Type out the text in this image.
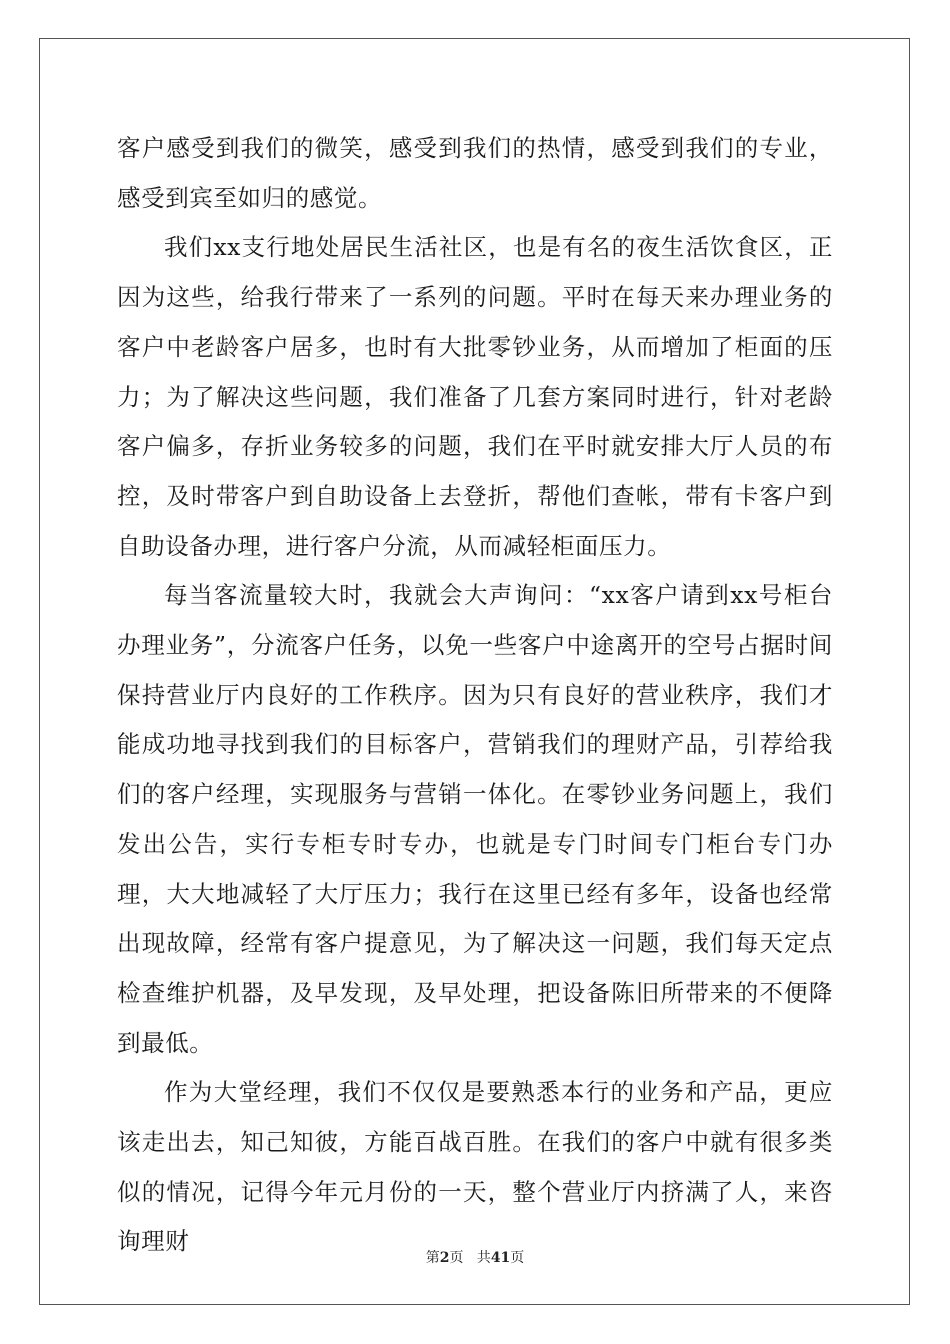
客户感受到我们的微笑，感受到我们的热情，感受到我们的专业，感受到宾至如归的感觉。

我们xx支行地处居民生活社区，也是有名的夜生活饮食区，正因为这些，给我行带来了一系列的问题。平时在每天来办理业务的客户中老龄客户居多，也时有大批零钞业务，从而增加了柜面的压力；为了解决这些问题，我们准备了几套方案同时进行，针对老龄客户偏多，存折业务较多的问题，我们在平时就安排大厅人员的布控，及时带客户到自助设备上去登折，帮他们查帐，带有卡客户到自助设备办理，进行客户分流，从而减轻柜面压力。

每当客流量较大时，我就会大声询问：“xx客户请到xx号柜台办理业务”，分流客户任务，以免一些客户中途离开的空号占据时间保持营业厅内良好的工作秩序。因为只有良好的营业秩序，我们才能成功地寻找到我们的目标客户，营销我们的理财产品，引荐给我们的客户经理，实现服务与营销一体化。在零钞业务问题上，我们发出公告，实行专柜专时专办，也就是专门时间专门柜台专门办理，大大地减轻了大厅压力；我行在这里已经有多年，设备也经常出现故障，经常有客户提意见，为了解决这一问题，我们每天定点检查维护机器，及早发现，及早处理，把设备陈旧所带来的不便降到最低。

作为大堂经理，我们不仅仅是要熟悉本行的业务和产品，更应该走出去，知己知彼，方能百战百胜。在我们的客户中就有很多类似的情况，记得今年元月份的一天，整个营业厅内挤满了人，来咨询理财

第2页 共41页
